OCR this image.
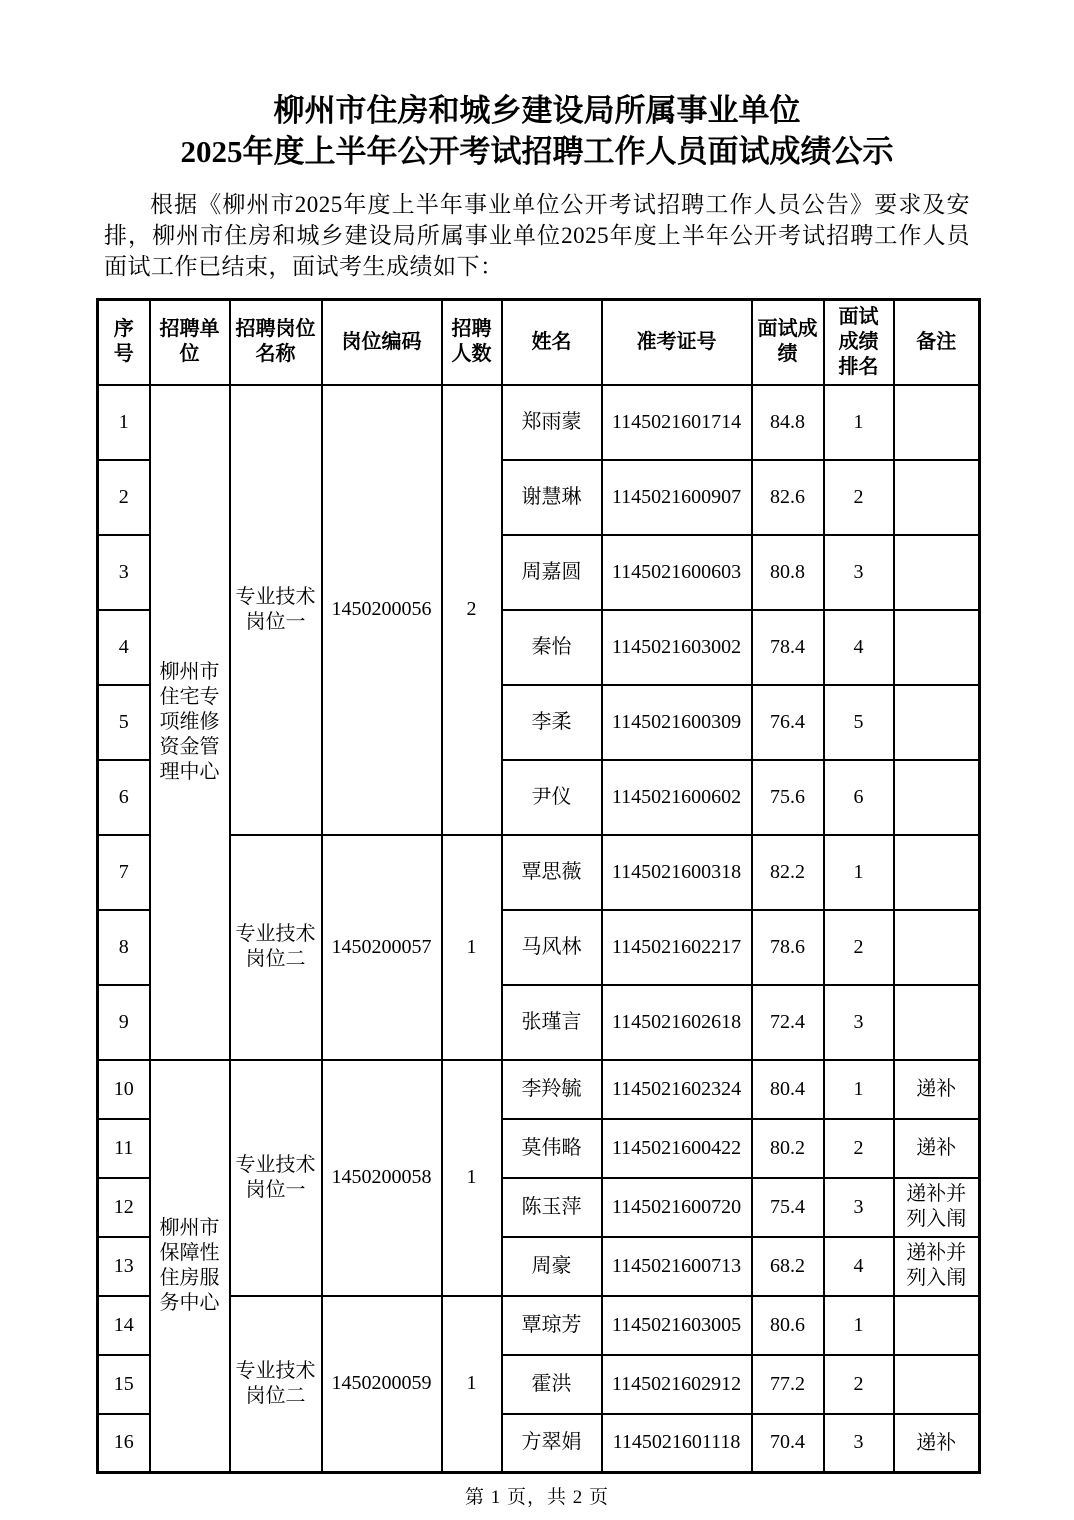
柳州市住房和城乡建设局所属事业单位
2025年度上半年公开考试招聘工作人员面试成绩公示

根据《柳州市2025年度上半年事业单位公开考试招聘工作人员公告》要求及安排，柳州市住房和城乡建设局所属事业单位2025年度上半年公开考试招聘工作人员面试工作已结束，面试考生成绩如下：

序号	招聘单位	招聘岗位名称	岗位编码	招聘人数	姓名	准考证号	面试成绩	面试成绩排名	备注
1	柳州市住宅专项维修资金管理中心	专业技术岗位一	1450200056	2	郑雨蒙	1145021601714	84.8	1	
2					谢慧琳	1145021600907	82.6	2	
3					周嘉圆	1145021600603	80.8	3	
4					秦怡	1145021603002	78.4	4	
5					李柔	1145021600309	76.4	5	
6					尹仪	1145021600602	75.6	6	
7		专业技术岗位二	1450200057	1	覃思薇	1145021600318	82.2	1	
8					马风林	1145021602217	78.6	2	
9					张瑾言	1145021602618	72.4	3	
10	柳州市保障性住房服务中心	专业技术岗位一	1450200058	1	李羚毓	1145021602324	80.4	1	递补
11					莫伟略	1145021600422	80.2	2	递补
12					陈玉萍	1145021600720	75.4	3	递补并列入闱
13					周豪	1145021600713	68.2	4	递补并列入闱
14		专业技术岗位二	1450200059	1	覃琼芳	1145021603005	80.6	1	
15					霍洪	1145021602912	77.2	2	
16					方翠娟	1145021601118	70.4	3	递补
第 1 页，共 2 页
